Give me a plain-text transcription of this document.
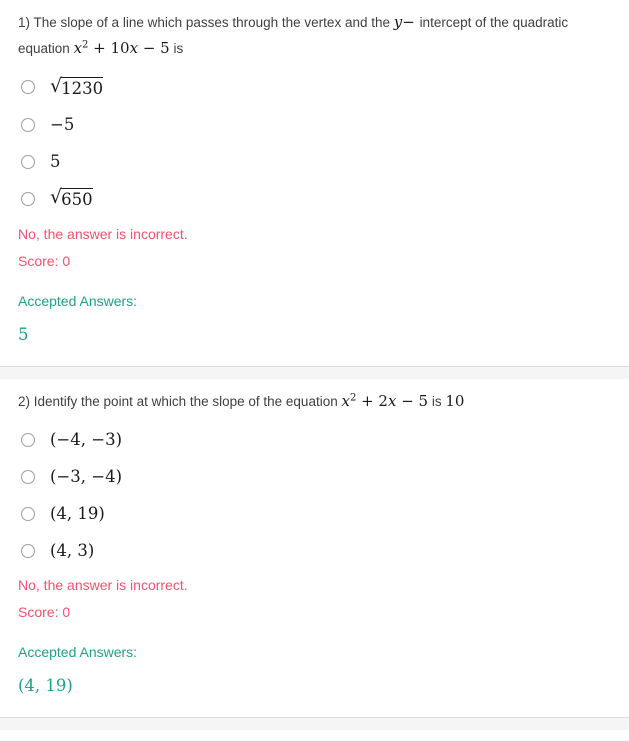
1) The slope of a line which passes through the vertex and the y− intercept of the quadratic equation $x^2 + 10x - 5$ is
√ 1230
−5
5
√ 650
No, the answer is incorrect.
Score: 0
Accepted Answers:
5
2) Identify the point at which the slope of the equation $x^2 + 2x - 5$ is 10
(−4, −3)
(−3, −4)
(4, 19)
(4, 3)
No, the answer is incorrect.
Score: 0
Accepted Answers:
(4, 19)
